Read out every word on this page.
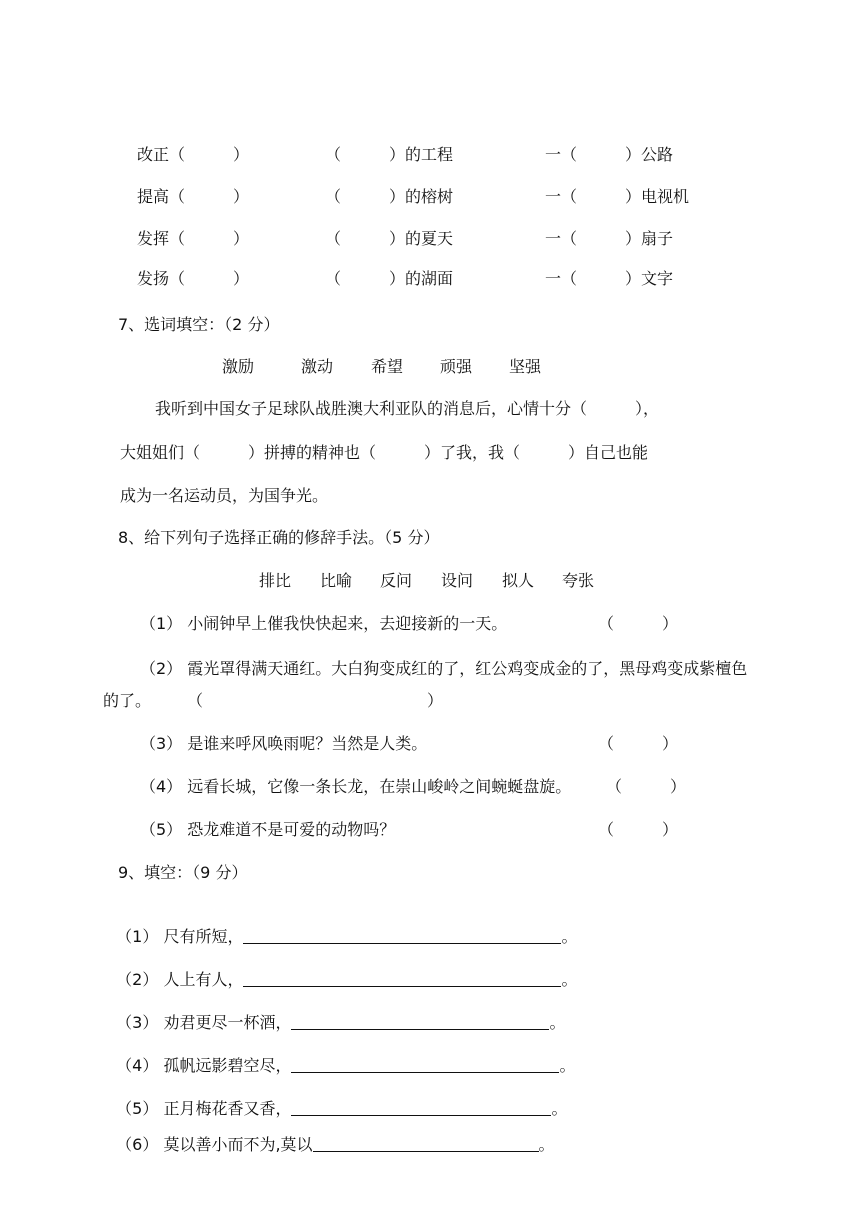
改正（　　　）	（　　　）的工程	一（　　　）公路
提高（　　　）	（　　　）的榕树	一（　　　）电视机
发挥（　　　）	（　　　）的夏天	一（　　　）扇子
发扬（　　　）	（　　　）的湖面	一（　　　）文字
7、选词填空：（2 分）
激励	激动 希望 顽强 坚强
我听到中国女子足球队战胜澳大利亚队的消息后，心情十分（　　　），
大姐姐们（　　　）拼搏的精神也（　　　）了我，我（　　　）自己也能
成为一名运动员，为国争光。
8、给下列句子选择正确的修辞手法。（5 分）
排比 比喻 反问 设问 拟人 夸张
（1） 小闹钟早上催我快快起来，去迎接新的一天。	（　　　）
（2） 霞光罩得满天通红。大白狗变成红的了，红公鸡变成金的了，黑母鸡变成紫檀色
的了。 （　　　　　　　　　　　　　　）
（3） 是谁来呼风唤雨呢？当然是人类。	（　　　）
（4） 远看长城，它像一条长龙，在崇山峻岭之间蜿蜒盘旋。 （　　　）
（5） 恐龙难道不是可爱的动物吗？	（　　　）
9、填空：（9 分）

（1） 尺有所短，	。

（2） 人上有人，	。

（3） 劝君更尽一杯酒，	。

（4） 孤帆远影碧空尽，	。

（5） 正月梅花香又香，	。

（6） 莫以善小而不为,莫以	。
